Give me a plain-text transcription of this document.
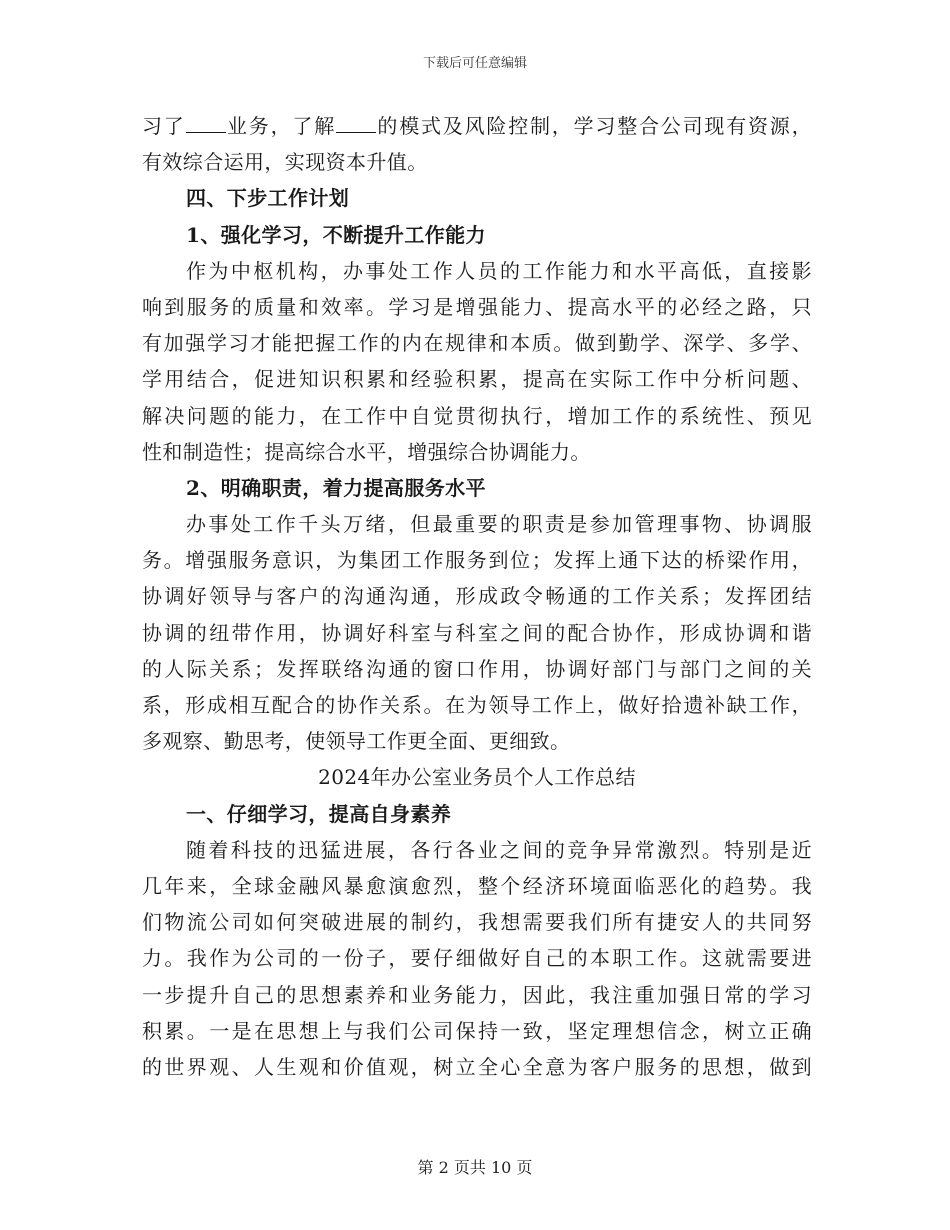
下载后可任意编辑
习了 业务，了解 的模式及风险控制，学习整合公司现有资源，
有效综合运用，实现资本升值。
四、下步工作计划
1、强化学习，不断提升工作能力
作为中枢机构，办事处工作人员的工作能力和水平高低，直接影
响到服务的质量和效率。学习是增强能力、提高水平的必经之路，只
有加强学习才能把握工作的内在规律和本质。做到勤学、深学、多学、
学用结合，促进知识积累和经验积累，提高在实际工作中分析问题、
解决问题的能力，在工作中自觉贯彻执行，增加工作的系统性、预见
性和制造性；提高综合水平，增强综合协调能力。
2、明确职责，着力提高服务水平
办事处工作千头万绪，但最重要的职责是参加管理事物、协调服
务。增强服务意识，为集团工作服务到位；发挥上通下达的桥梁作用，
协调好领导与客户的沟通沟通，形成政令畅通的工作关系；发挥团结
协调的纽带作用，协调好科室与科室之间的配合协作，形成协调和谐
的人际关系；发挥联络沟通的窗口作用，协调好部门与部门之间的关
系，形成相互配合的协作关系。在为领导工作上，做好拾遗补缺工作，
多观察、勤思考，使领导工作更全面、更细致。
2024年办公室业务员个人工作总结
一、仔细学习，提高自身素养
随着科技的迅猛进展，各行各业之间的竞争异常激烈。特别是近
几年来，全球金融风暴愈演愈烈，整个经济环境面临恶化的趋势。我
们物流公司如何突破进展的制约，我想需要我们所有捷安人的共同努
力。我作为公司的一份子，要仔细做好自己的本职工作。这就需要进
一步提升自己的思想素养和业务能力，因此，我注重加强日常的学习
积累。一是在思想上与我们公司保持一致，坚定理想信念，树立正确
的世界观、人生观和价值观，树立全心全意为客户服务的思想，做到
第 2 页共 10 页
